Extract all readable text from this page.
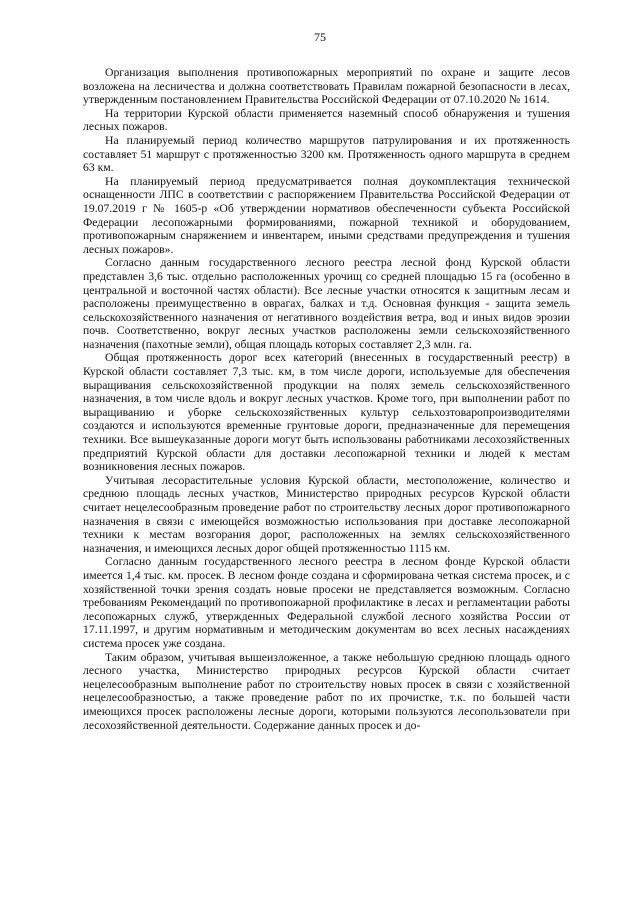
75

Организация выполнения противопожарных мероприятий по охране и защите лесов возложена на лесничества и должна соответствовать Правилам пожарной безопасности в лесах, утвержденным постановлением Правительства Российской Федерации от 07.10.2020 № 1614.

На территории Курской области применяется наземный способ обнаружения и тушения лесных пожаров.

На планируемый период количество маршрутов патрулирования и их протяженность составляет 51 маршрут с протяженностью 3200 км. Протяженность одного маршрута в среднем 63 км.

На планируемый период предусматривается полная доукомплектация технической оснащенности ЛПС в соответствии с распоряжением Правительства Российской Федерации от 19.07.2019 г № 1605-р «Об утверждении нормативов обеспеченности субъекта Российской Федерации лесопожарными формированиями, пожарной техникой и оборудованием, противопожарным снаряжением и инвентарем, иными средствами предупреждения и тушения лесных пожаров».

Согласно данным государственного лесного реестра лесной фонд Курской области представлен 3,6 тыс. отдельно расположенных урочищ со средней площадью 15 га (особенно в центральной и восточной частях области). Все лесные участки относятся к защитным лесам и расположены преимущественно в оврагах, балках и т.д. Основная функция - защита земель сельскохозяйственного назначения от негативного воздействия ветра, вод и иных видов эрозии почв. Соответственно, вокруг лесных участков расположены земли сельскохозяйственного назначения (пахотные земли), общая площадь которых составляет 2,3 млн. га.

Общая протяженность дорог всех категорий (внесенных в государственный реестр) в Курской области составляет 7,3 тыс. км, в том числе дороги, используемые для обеспечения выращивания сельскохозяйственной продукции на полях земель сельскохозяйственного назначения, в том числе вдоль и вокруг лесных участков. Кроме того, при выполнении работ по выращиванию и уборке сельскохозяйственных культур сельхозтоваропроизводителями создаются и используются временные грунтовые дороги, предназначенные для перемещения техники. Все вышеуказанные дороги могут быть использованы работниками лесохозяйственных предприятий Курской области для доставки лесопожарной техники и людей к местам возникновения лесных пожаров.

Учитывая лесорастительные условия Курской области, местоположение, количество и среднюю площадь лесных участков, Министерство природных ресурсов Курской области считает нецелесообразным проведение работ по строительству лесных дорог противопожарного назначения в связи с имеющейся возможностью использования при доставке лесопожарной техники к местам возгорания дорог, расположенных на землях сельскохозяйственного назначения, и имеющихся лесных дорог общей протяженностью 1115 км.

Согласно данным государственного лесного реестра в лесном фонде Курской области имеется 1,4 тыс. км. просек. В лесном фонде создана и сформирована четкая система просек, и с хозяйственной точки зрения создать новые просеки не представляется возможным. Согласно требованиям Рекомендаций по противопожарной профилактике в лесах и регламентации работы лесопожарных служб, утвержденных Федеральной службой лесного хозяйства России от 17.11.1997, и другим нормативным и методическим документам во всех лесных насаждениях система просек уже создана.

Таким образом, учитывая вышеизложенное, а также небольшую среднюю площадь одного лесного участка, Министерство природных ресурсов Курской области считает нецелесообразным выполнение работ по строительству новых просек в связи с хозяйственной нецелесообразностью, а также проведение работ по их прочистке, т.к. по большей части имеющихся просек расположены лесные дороги, которыми пользуются лесопользователи при лесохозяйственной деятельности. Содержание данных просек и до-
